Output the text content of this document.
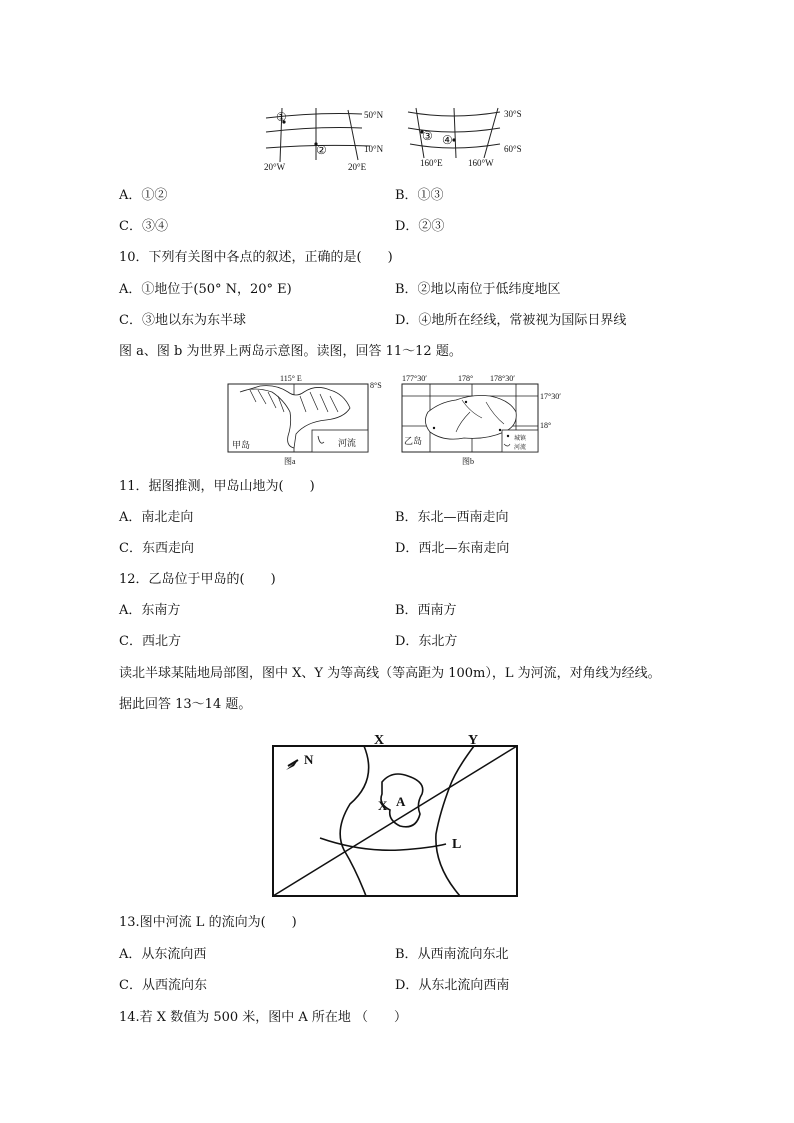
①
②
50°N
10°N
20°W	20°E
③ ④
30°S
60°S
160°E	160°W
A．①②	B．①③
C．③④	D．②③
10．下列有关图中各点的叙述，正确的是(　　)
A．①地位于(50° N，20° E)	B．②地以南位于低纬度地区
C．③地以东为东半球	D．④地所在经线，常被视为国际日界线
图 a、图 b 为世界上两岛示意图。读图，回答 11～12 题。
115° E
8°S
甲岛	河流
图a
177°30′	178° 178°30′
17°30′
18°
乙岛	城镇
河流
图b
11．据图推测，甲岛山地为(　　)
A．南北走向	B．东北—西南走向
C．东西走向	D．西北—东南走向
12．乙岛位于甲岛的(　　)
A．东南方	B．西南方
C．西北方	D．东北方
读北半球某陆地局部图，图中 X、Y 为等高线（等高距为 100m），L 为河流，对角线为经线。
据此回答 13～14 题。
X	Y
X A
L
N
13.图中河流 L 的流向为(　　)
A．从东流向西	B．从西南流向东北
C．从西流向东	D．从东北流向西南
14.若 X 数值为 500 米，图中 A 所在地 （　　）
